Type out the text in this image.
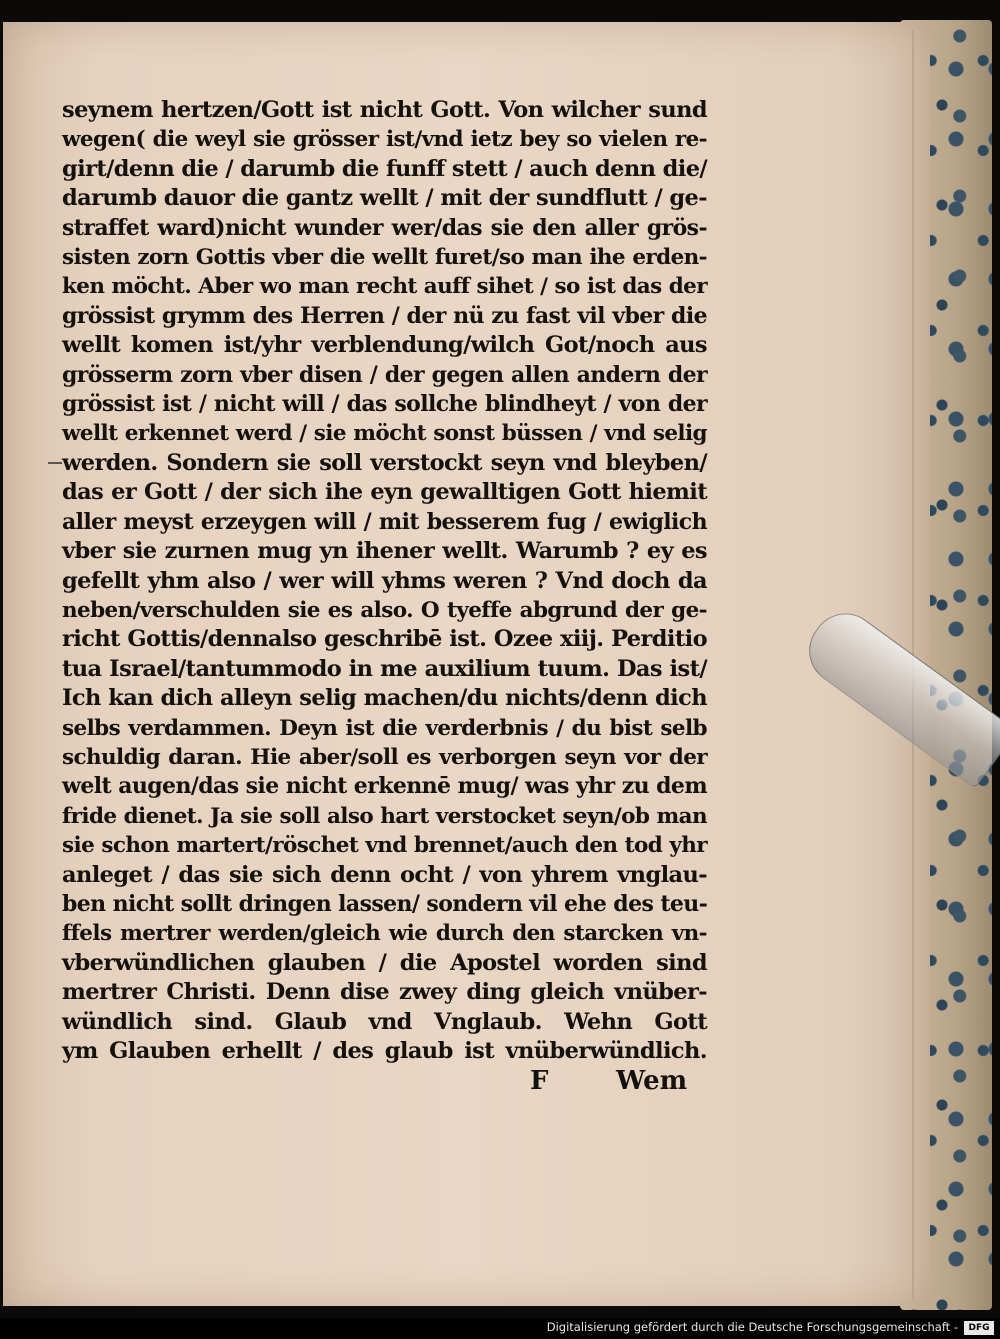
seynem hertzen/Gott ist nicht Gott. Von wilcher sund
wegen( die weyl sie grösser ist/vnd ietz bey so vielen re-
girt/denn die / darumb die funff stett / auch denn die/
darumb dauor die gantz wellt / mit der sundflutt / ge-
straffet ward)nicht wunder wer/das sie den aller grös-
sisten zorn Gottis vber die wellt furet/so man ihe erden-
ken möcht. Aber wo man recht auff sihet / so ist das der
grössist grymm des Herren / der nü zu fast vil vber die
wellt komen ist/yhr verblendung/wilch Got/noch aus
grösserm zorn vber disen / der gegen allen andern der
grössist ist / nicht will / das sollche blindheyt / von der
wellt erkennet werd / sie möcht sonst büssen / vnd selig
werden. Sondern sie soll verstockt seyn vnd bleyben/
das er Gott / der sich ihe eyn gewalltigen Gott hiemit
aller meyst erzeygen will / mit besserem fug / ewiglich
vber sie zurnen mug yn ihener wellt. Warumb ? ey es
gefellt yhm also / wer will yhms weren ? Vnd doch da
neben/verschulden sie es also. O tyeffe abgrund der ge-
richt Gottis/dennalso geschribē ist. Ozee xiij. Perditio
tua Israel/tantummodo in me auxilium tuum. Das ist/
Ich kan dich alleyn selig machen/du nichts/denn dich
selbs verdammen. Deyn ist die verderbnis / du bist selb
schuldig daran. Hie aber/soll es verborgen seyn vor der
welt augen/das sie nicht erkennē mug/ was yhr zu dem
fride dienet. Ja sie soll also hart verstocket seyn/ob man
sie schon martert/röschet vnd brennet/auch den tod yhr
anleget / das sie sich denn ocht / von yhrem vnglau-
ben nicht sollt dringen lassen/ sondern vil ehe des teu-
ffels mertrer werden/gleich wie durch den starcken vn-
vberwündlichen glauben / die Apostel worden sind
mertrer Christi. Denn dise zwey ding gleich vnüber-
wündlich sind. Glaub vnd Vnglaub. Wehn Gott
ym Glauben erhellt / des glaub ist vnüberwündlich.
F	Wem
Digitalisierung gefördert durch die Deutsche Forschungsgemeinschaft -	DFG
